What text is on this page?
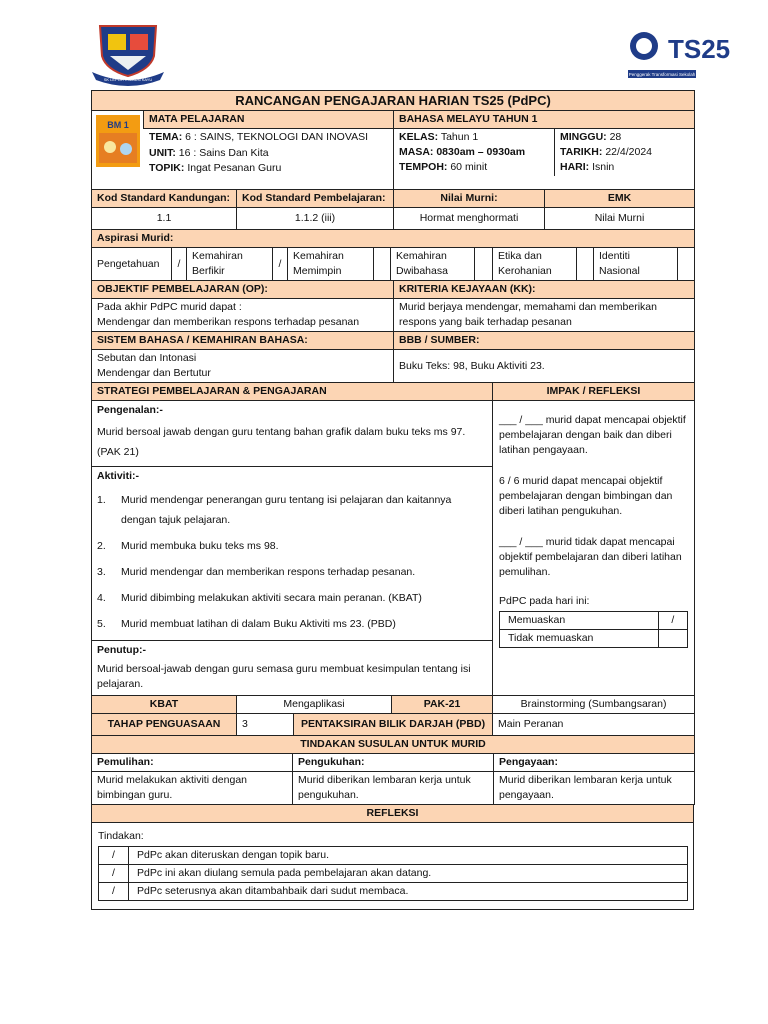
SK LEPOH RIMBUN KAYU
TS25
Penggerak Transformasi Sekolah
RANCANGAN PENGAJARAN HARIAN TS25 (PdPC)

BM 1	MATA PELAJARAN
TEMA: 6 : SAINS, TEKNOLOGI DAN INOVASI
UNIT: 16 : Sains Dan Kita
TOPIK: Ingat Pesanan Guru

BAHASA MELAYU TAHUN 1
KELAS: Tahun 1
MASA: 0830am – 0930am
TEMPOH: 60 minit
MINGGU: 28
TARIKH: 22/4/2024
HARI: Isnin
Kod Standard Kandungan:	Kod Standard Pembelajaran:	Nilai Murni:	EMK
1.1	1.1.2 (iii)	Hormat menghormati	Nilai Murni
Aspirasi Murid:
Pengetahuan	/	Kemahiran Berfikir	/	Kemahiran Memimpin		Kemahiran Dwibahasa		Etika dan Kerohanian		Identiti Nasional	
OBJEKTIF PEMBELAJARAN (OP):	KRITERIA KEJAYAAN (KK):

Pada akhir PdPC murid dapat :
Mendengar dan memberikan respons terhadap pesanan	Murid berjaya mendengar, memahami dan memberikan respons yang baik terhadap pesanan
SISTEM BAHASA / KEMAHIRAN BAHASA:	BBB / SUMBER:

Sebutan dan Intonasi
Mendengar dan Bertutur	Buku Teks: 98, Buku Aktiviti 23.
STRATEGI PEMBELAJARAN & PENGAJARAN	IMPAK / REFLEKSI

Pengenalan:-
Murid bersoal jawab dengan guru tentang bahan grafik dalam buku teks ms 97.
(PAK 21)
Aktiviti:-
1.	Murid mendengar penerangan guru tentang isi pelajaran dan kaitannya dengan tajuk pelajaran.
2.	Murid membuka buku teks ms 98.
3.	Murid mendengar dan memberikan respons terhadap pesanan.
4.	Murid dibimbing melakukan aktiviti secara main peranan. (KBAT)
5.	Murid membuat latihan di dalam Buku Aktiviti ms 23. (PBD)
Penutup:-
Murid bersoal-jawab dengan guru semasa guru membuat kesimpulan tentang isi pelajaran.

___ / ___ murid dapat mencapai objektif pembelajaran dengan baik dan diberi latihan pengayaan.
6 / 6 murid dapat mencapai objektif pembelajaran dengan bimbingan dan diberi latihan pengukuhan.
___ / ___ murid tidak dapat mencapai objektif pembelajaran dan diberi latihan pemulihan.
PdPC pada hari ini:
Memuaskan	/
Tidak memuaskan	
KBAT	Mengaplikasi		PAK-21	Brainstorming (Sumbangsaran)
TAHAP PENGUASAAN	3	PENTAKSIRAN BILIK DARJAH (PBD)		Main Peranan
TINDAKAN SUSULAN UNTUK MURID		
Pemulihan:	Pengukuhan:	Pengayaan:
Murid melakukan aktiviti dengan bimbingan guru.	Murid diberikan lembaran kerja untuk pengukuhan.	Murid diberikan lembaran kerja untuk pengayaan.
REFLEKSI

Tindakan:
/	PdPc akan diteruskan dengan topik baru.
/	PdPc ini akan diulang semula pada pembelajaran akan datang.
/	PdPc seterusnya akan ditambahbaik dari sudut membaca.
